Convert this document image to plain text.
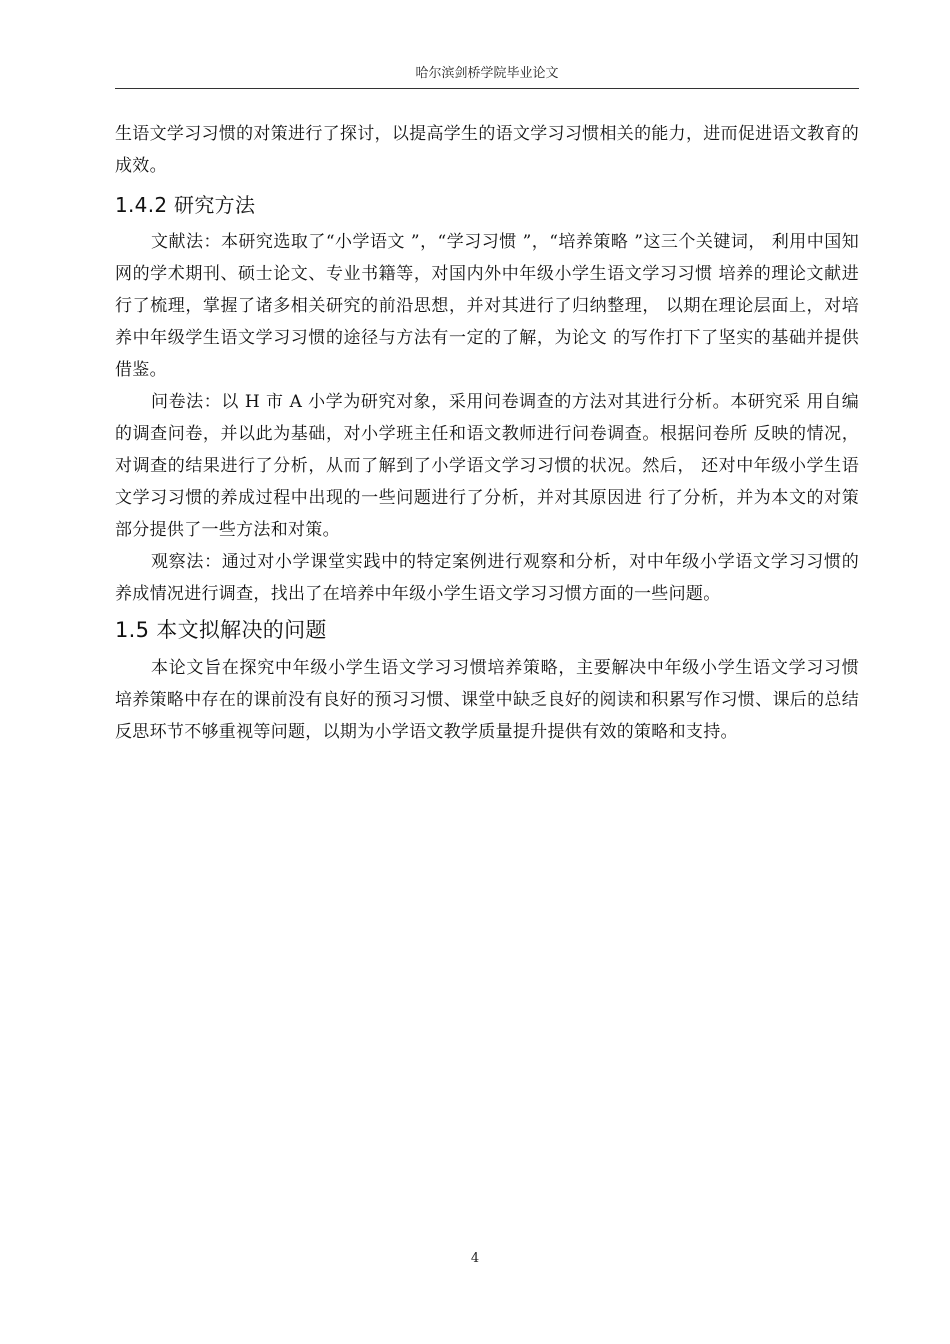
哈尔滨剑桥学院毕业论文

生语文学习习惯的对策进行了探讨，以提高学生的语文学习习惯相关的能力，进而促进语文教育的成效。

1.4.2 研究方法

文献法：本研究选取了“小学语文 ”，“学习习惯 ”，“培养策略 ”这三个关键词， 利用中国知网的学术期刊、硕士论文、专业书籍等，对国内外中年级小学生语文学习习惯 培养的理论文献进行了梳理，掌握了诸多相关研究的前沿思想，并对其进行了归纳整理， 以期在理论层面上，对培养中年级学生语文学习习惯的途径与方法有一定的了解，为论文 的写作打下了坚实的基础并提供借鉴。

问卷法：以 H 市 A 小学为研究对象，采用问卷调查的方法对其进行分析。本研究采 用自编的调查问卷，并以此为基础，对小学班主任和语文教师进行问卷调查。根据问卷所 反映的情况，对调查的结果进行了分析，从而了解到了小学语文学习习惯的状况。然后， 还对中年级小学生语文学习习惯的养成过程中出现的一些问题进行了分析，并对其原因进 行了分析，并为本文的对策部分提供了一些方法和对策。

观察法：通过对小学课堂实践中的特定案例进行观察和分析，对中年级小学语文学习习惯的养成情况进行调查，找出了在培养中年级小学生语文学习习惯方面的一些问题。

1.5 本文拟解决的问题

本论文旨在探究中年级小学生语文学习习惯培养策略，主要解决中年级小学生语文学习习惯培养策略中存在的课前没有良好的预习习惯、课堂中缺乏良好的阅读和积累写作习惯、课后的总结反思环节不够重视等问题，以期为小学语文教学质量提升提供有效的策略和支持。

4
